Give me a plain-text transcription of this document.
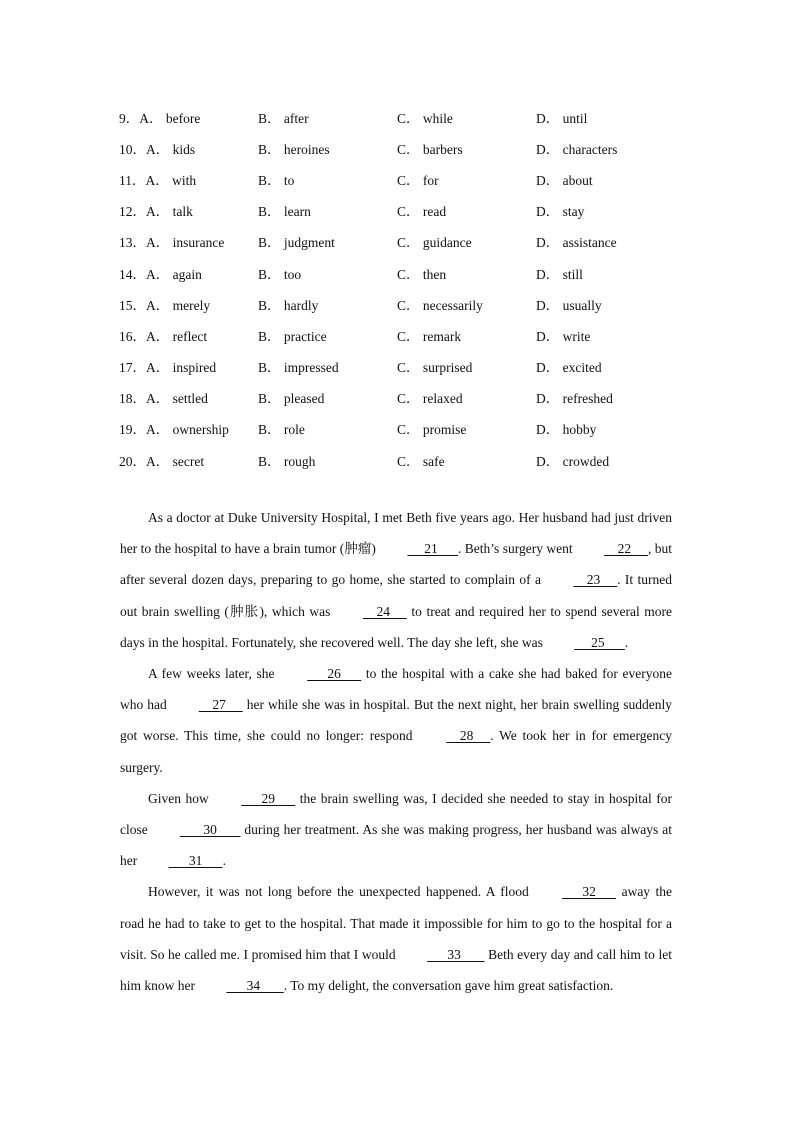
9．A． before	B． after	C． while	D． until
10．A． kids	B． heroines	C． barbers	D． characters
11．A． with	B． to	C． for	D． about
12．A． talk	B． learn	C． read	D． stay
13．A． insurance	B． judgment	C． guidance	D． assistance
14．A． again	B． too	C． then	D． still
15．A． merely	B． hardly	C． necessarily	D． usually
16．A． reflect	B． practice	C． remark	D． write
17．A． inspired	B． impressed	C． surprised	D． excited
18．A． settled	B． pleased	C． relaxed	D． refreshed
19．A． ownership	B． role	C． promise	D． hobby
20．A． secret	B． rough	C． safe	D． crowded

As a doctor at Duke University Hospital, I met Beth five years ago. Her husband had just driven her to the hospital to have a brain tumor (肿瘤)      21      . Beth’s surgery went     22     , but after several dozen days, preparing to go home, she started to complain of a     23     . It turned out brain swelling (肿胀), which was     24      to treat and required her to spend several more days in the hospital. Fortunately, she recovered well. The day she left, she was      25      .

A few weeks later, she       26       to the hospital with a cake she had baked for everyone who had     27      her while she was in hospital. But the next night, her brain swelling suddenly got worse. This time, she could no longer: respond     28     . We took her in for emergency surgery.

Given how       29       the brain swelling was, I decided she needed to stay in hospital for close        30        during her treatment. As she was making progress, her husband was always at her       31      .

However, it was not long before the unexpected happened. A flood       32       away the road he had to take to get to the hospital. That made it impossible for him to go to the hospital for a visit. So he called me. I promised him that I would       33        Beth every day and call him to let him know her       34       . To my delight, the conversation gave him great satisfaction.
